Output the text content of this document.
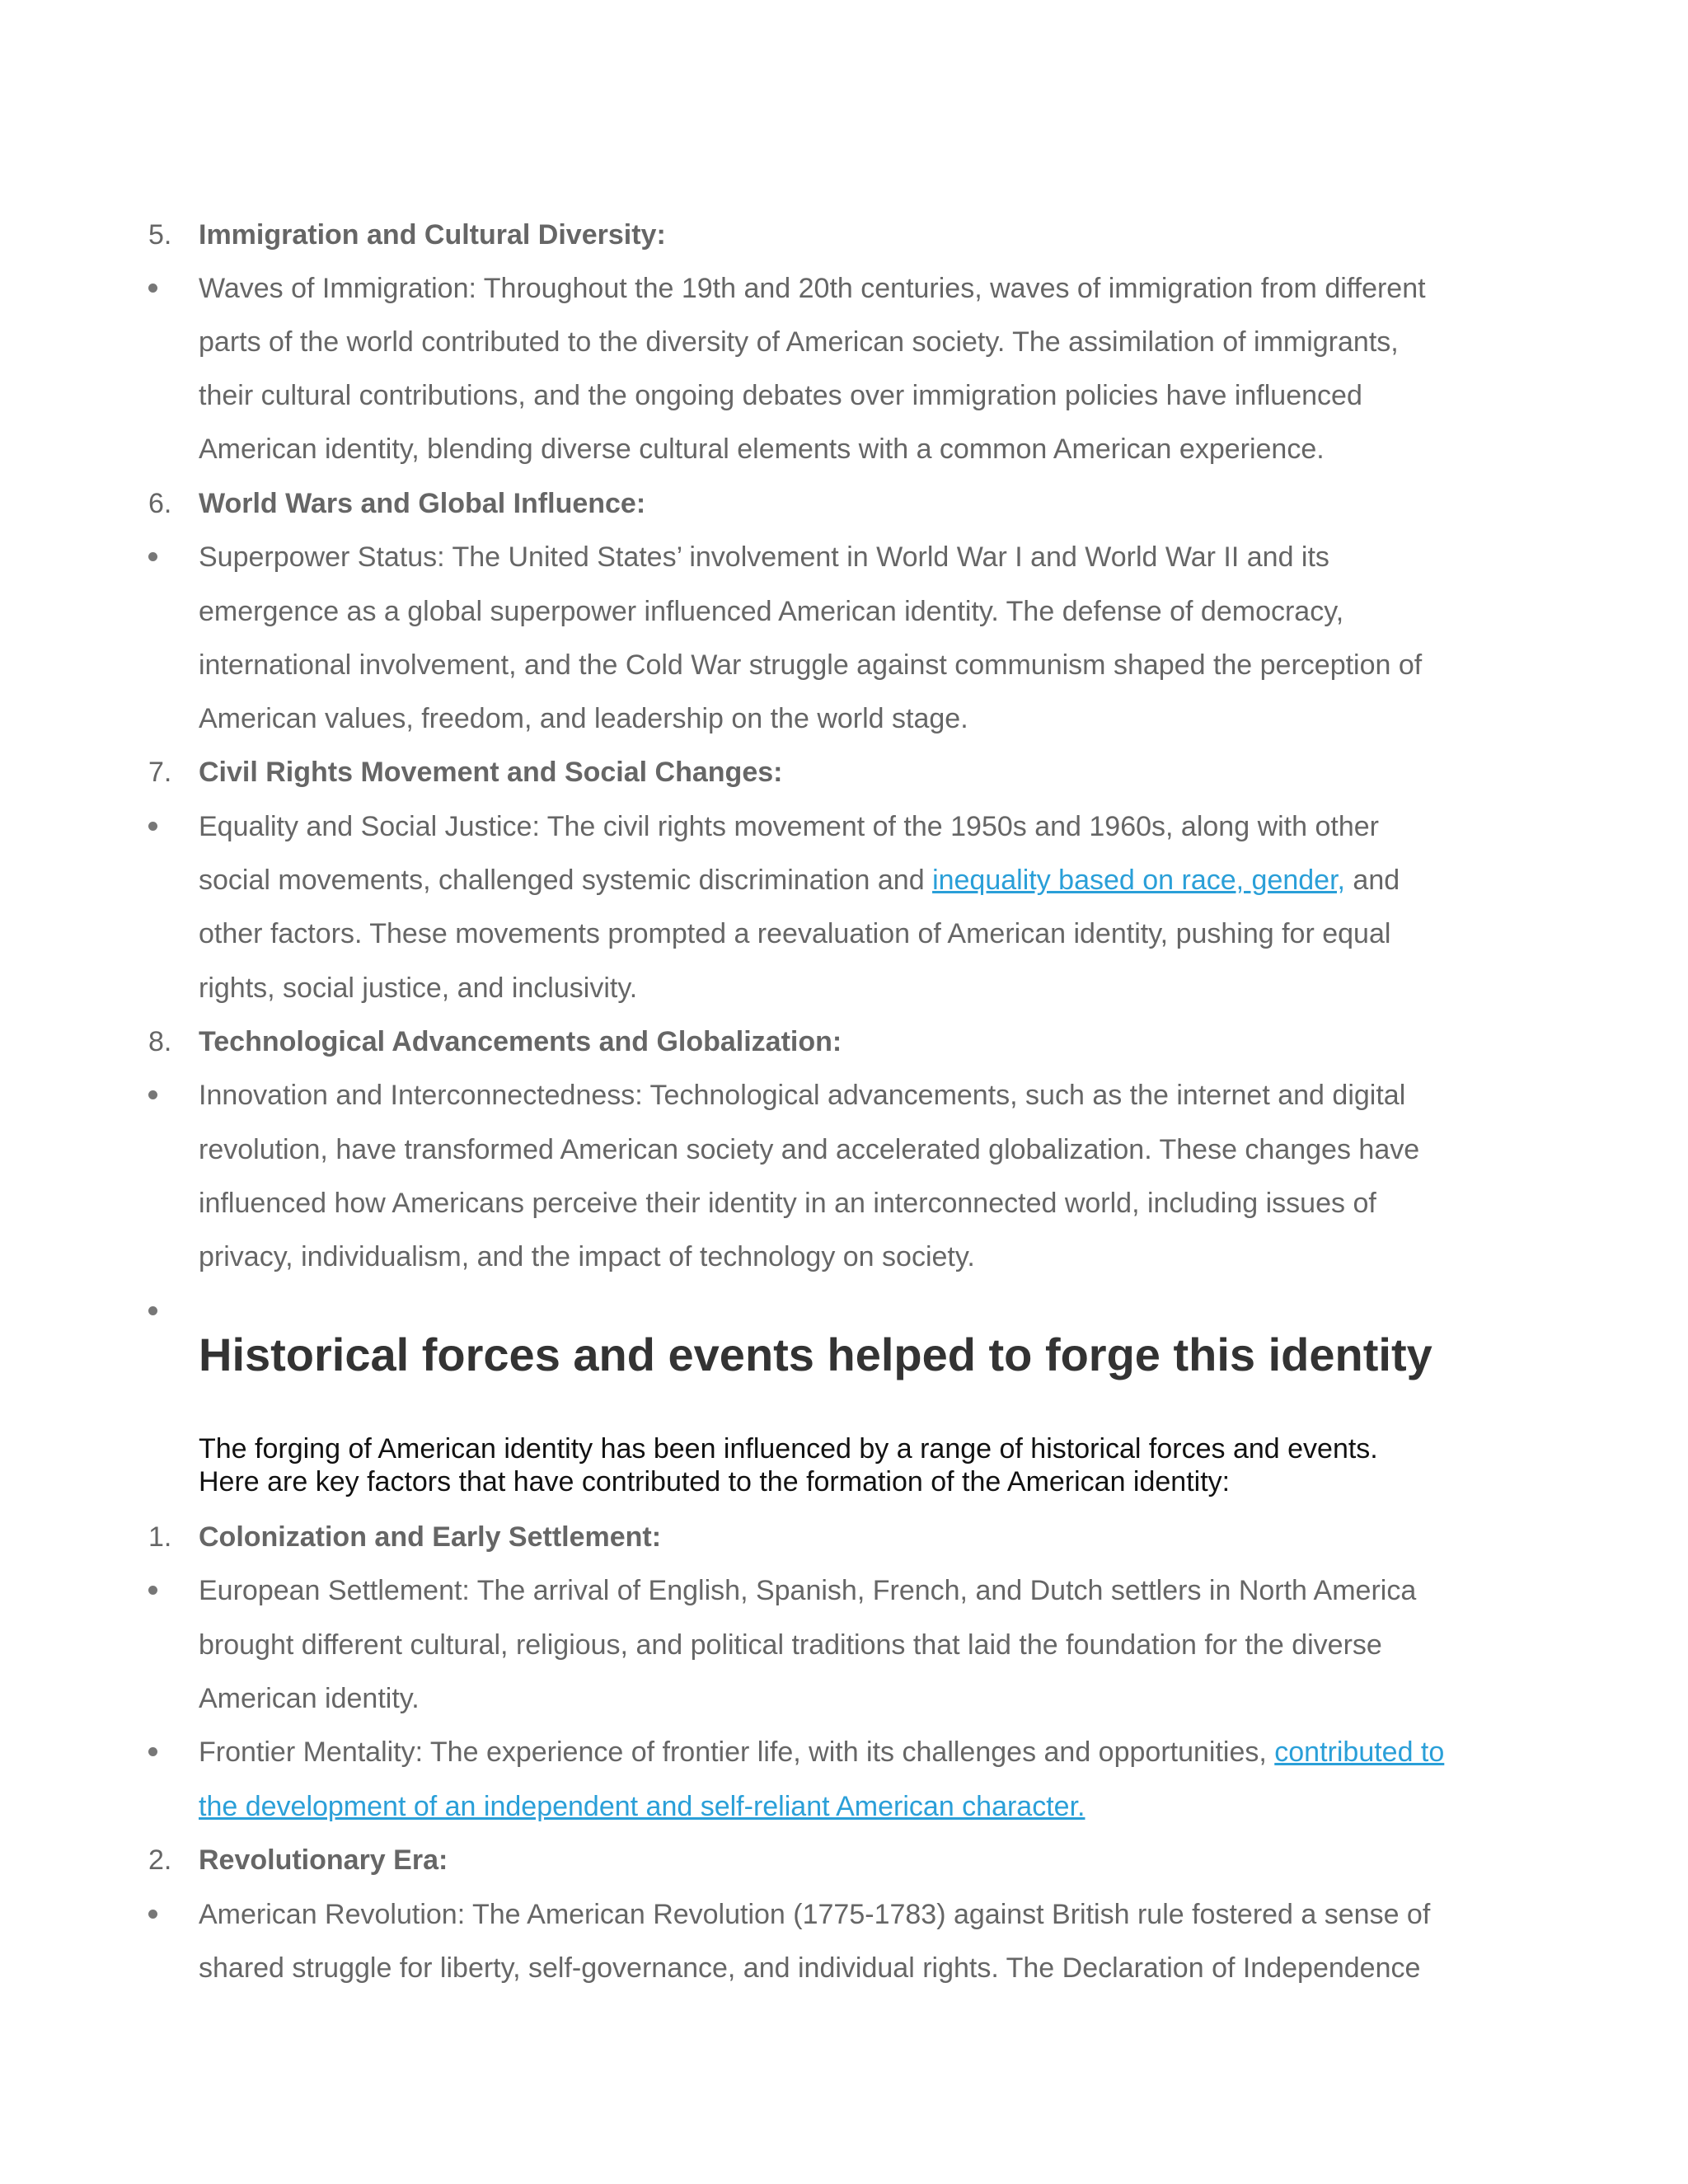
5. Immigration and Cultural Diversity:
Waves of Immigration: Throughout the 19th and 20th centuries, waves of immigration from different
parts of the world contributed to the diversity of American society. The assimilation of immigrants,
their cultural contributions, and the ongoing debates over immigration policies have influenced
American identity, blending diverse cultural elements with a common American experience.
6. World Wars and Global Influence:
Superpower Status: The United States’ involvement in World War I and World War II and its
emergence as a global superpower influenced American identity. The defense of democracy,
international involvement, and the Cold War struggle against communism shaped the perception of
American values, freedom, and leadership on the world stage.
7. Civil Rights Movement and Social Changes:
Equality and Social Justice: The civil rights movement of the 1950s and 1960s, along with other
social movements, challenged systemic discrimination and inequality based on race, gender, and
other factors. These movements prompted a reevaluation of American identity, pushing for equal
rights, social justice, and inclusivity.
8. Technological Advancements and Globalization:
Innovation and Interconnectedness: Technological advancements, such as the internet and digital
revolution, have transformed American society and accelerated globalization. These changes have
influenced how Americans perceive their identity in an interconnected world, including issues of
privacy, individualism, and the impact of technology on society.
Historical forces and events helped to forge this identity
The forging of American identity has been influenced by a range of historical forces and events.
Here are key factors that have contributed to the formation of the American identity:
1. Colonization and Early Settlement:
European Settlement: The arrival of English, Spanish, French, and Dutch settlers in North America
brought different cultural, religious, and political traditions that laid the foundation for the diverse
American identity.
Frontier Mentality: The experience of frontier life, with its challenges and opportunities, contributed to
the development of an independent and self-reliant American character.
2. Revolutionary Era:
American Revolution: The American Revolution (1775-1783) against British rule fostered a sense of
shared struggle for liberty, self-governance, and individual rights. The Declaration of Independence
